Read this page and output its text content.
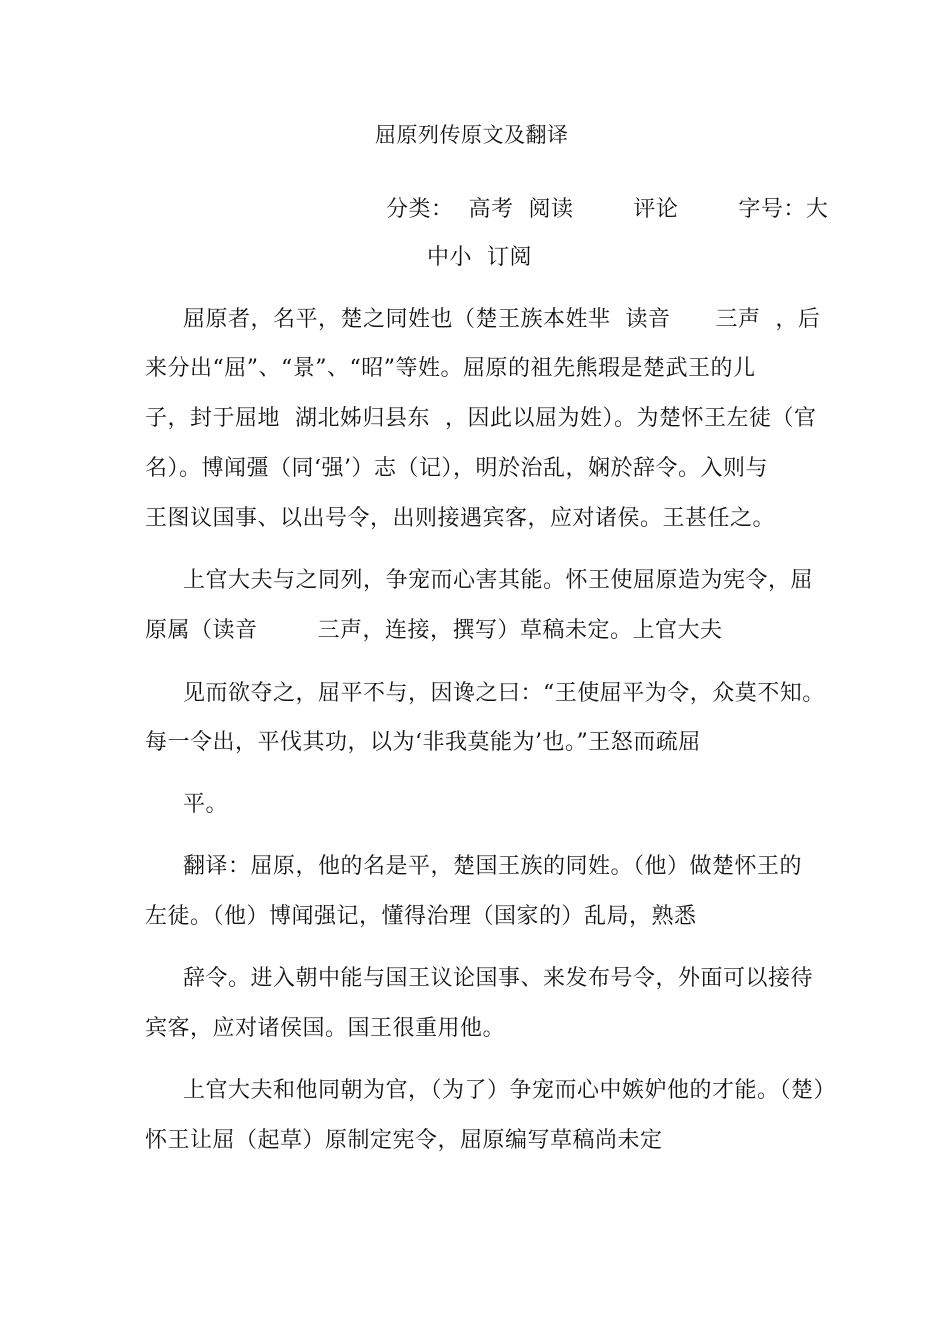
屈原列传原文及翻译
分类：  高考  阅读        评论        字号：大
中小  订阅
屈原者，名平，楚之同姓也（楚王族本姓芈  读音      三声  ，后
来分出“屈”、“景”、“昭”等姓。屈原的祖先熊瑕是楚武王的儿
子，封于屈地  湖北姊归县东  ，因此以屈为姓）。为楚怀王左徒（官
名）。博闻彊（同‘强’）志（记），明於治乱，娴於辞令。入则与
王图议国事、以出号令，出则接遇宾客，应对诸侯。王甚任之。
上官大夫与之同列，争宠而心害其能。怀王使屈原造为宪令，屈
原属（读音        三声，连接，撰写）草稿未定。上官大夫
见而欲夺之，屈平不与，因谗之曰：“王使屈平为令，众莫不知。
每一令出，平伐其功，以为‘非我莫能为’也。”王怒而疏屈
平。
翻译：屈原，他的名是平，楚国王族的同姓。（他）做楚怀王的
左徒。（他）博闻强记，懂得治理（国家的）乱局，熟悉
辞令。进入朝中能与国王议论国事、来发布号令，外面可以接待
宾客，应对诸侯国。国王很重用他。
上官大夫和他同朝为官，（为了）争宠而心中嫉妒他的才能。（楚）
怀王让屈（起草）原制定宪令，屈原编写草稿尚未定
